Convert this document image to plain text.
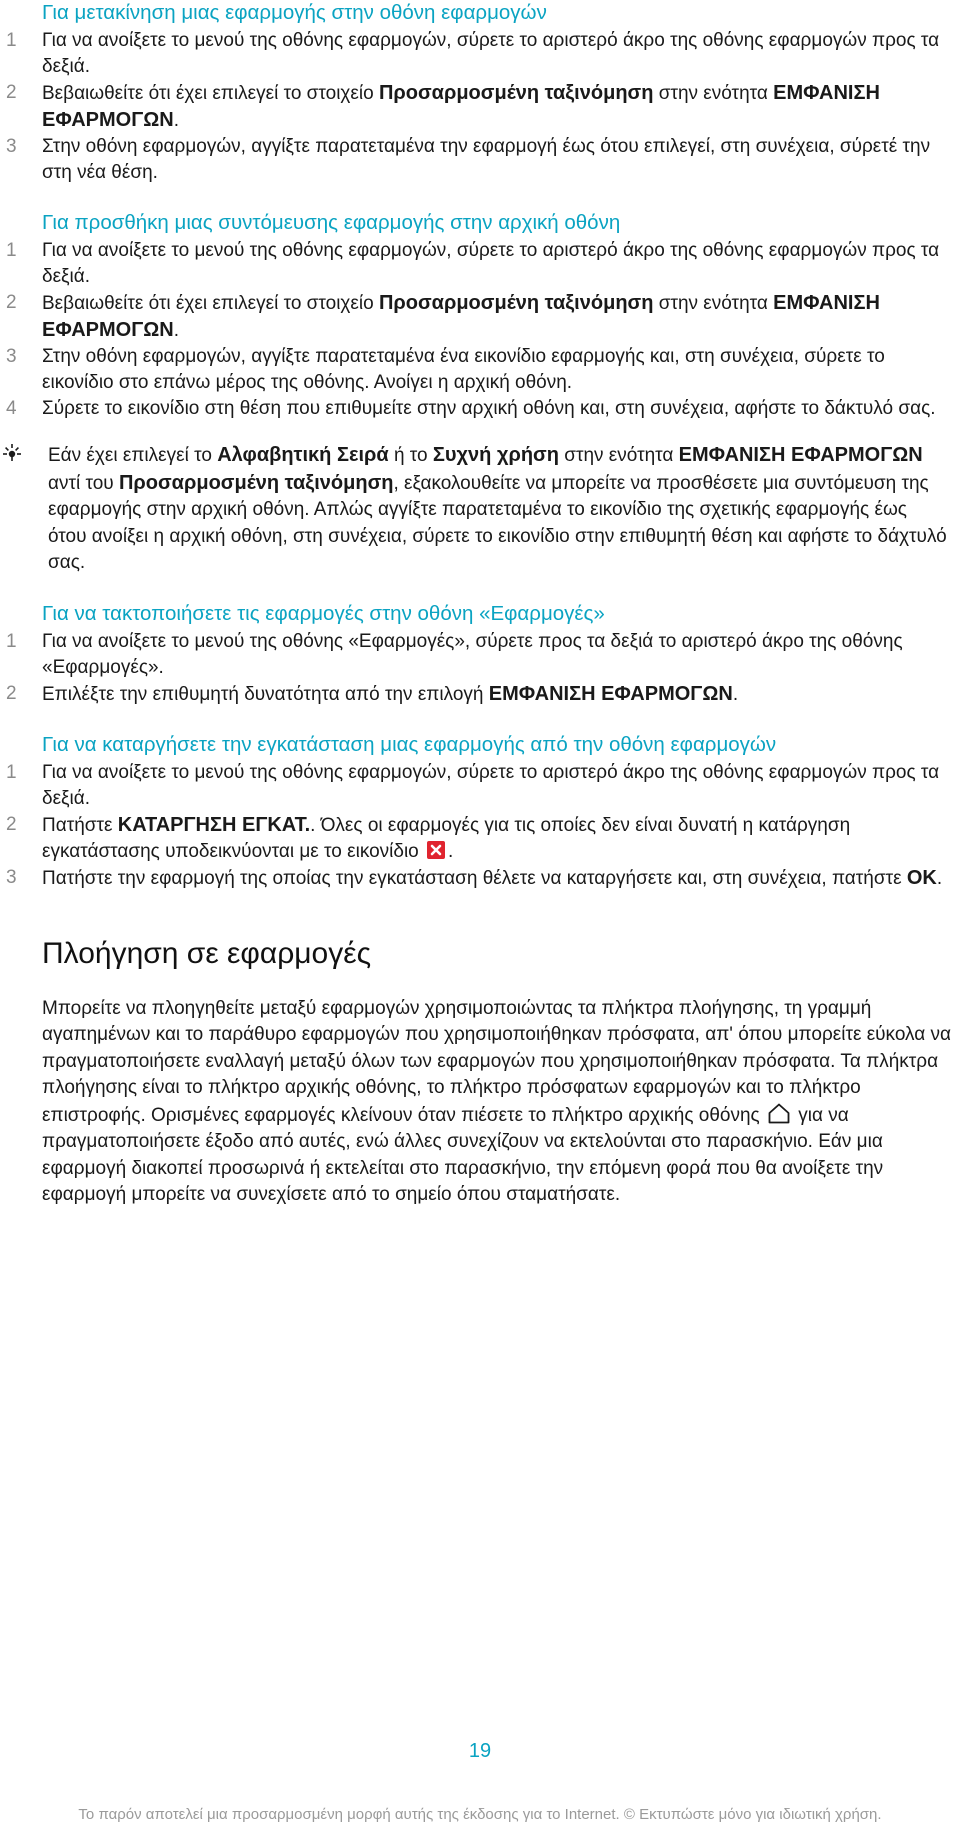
Για μετακίνηση μιας εφαρμογής στην οθόνη εφαρμογών
1 Για να ανοίξετε το μενού της οθόνης εφαρμογών, σύρετε το αριστερό άκρο της οθόνης εφαρμογών προς τα δεξιά.
2 Βεβαιωθείτε ότι έχει επιλεγεί το στοιχείο Προσαρμοσμένη ταξινόμηση στην ενότητα ΕΜΦΑΝΙΣΗ ΕΦΑΡΜΟΓΩΝ.
3 Στην οθόνη εφαρμογών, αγγίξτε παρατεταμένα την εφαρμογή έως ότου επιλεγεί, στη συνέχεια, σύρετέ την στη νέα θέση.
Για προσθήκη μιας συντόμευσης εφαρμογής στην αρχική οθόνη
1 Για να ανοίξετε το μενού της οθόνης εφαρμογών, σύρετε το αριστερό άκρο της οθόνης εφαρμογών προς τα δεξιά.
2 Βεβαιωθείτε ότι έχει επιλεγεί το στοιχείο Προσαρμοσμένη ταξινόμηση στην ενότητα ΕΜΦΑΝΙΣΗ ΕΦΑΡΜΟΓΩΝ.
3 Στην οθόνη εφαρμογών, αγγίξτε παρατεταμένα ένα εικονίδιο εφαρμογής και, στη συνέχεια, σύρετε το εικονίδιο στο επάνω μέρος της οθόνης. Ανοίγει η αρχική οθόνη.
4 Σύρετε το εικονίδιο στη θέση που επιθυμείτε στην αρχική οθόνη και, στη συνέχεια, αφήστε το δάκτυλό σας.
Εάν έχει επιλεγεί το Αλφαβητική Σειρά ή το Συχνή χρήση στην ενότητα ΕΜΦΑΝΙΣΗ ΕΦΑΡΜΟΓΩΝ αντί του Προσαρμοσμένη ταξινόμηση, εξακολουθείτε να μπορείτε να προσθέσετε μια συντόμευση της εφαρμογής στην αρχική οθόνη. Απλώς αγγίξτε παρατεταμένα το εικονίδιο της σχετικής εφαρμογής έως ότου ανοίξει η αρχική οθόνη, στη συνέχεια, σύρετε το εικονίδιο στην επιθυμητή θέση και αφήστε το δάχτυλό σας.
Για να τακτοποιήσετε τις εφαρμογές στην οθόνη «Εφαρμογές»
1 Για να ανοίξετε το μενού της οθόνης «Εφαρμογές», σύρετε προς τα δεξιά το αριστερό άκρο της οθόνης «Εφαρμογές».
2 Επιλέξτε την επιθυμητή δυνατότητα από την επιλογή ΕΜΦΑΝΙΣΗ ΕΦΑΡΜΟΓΩΝ.
Για να καταργήσετε την εγκατάσταση μιας εφαρμογής από την οθόνη εφαρμογών
1 Για να ανοίξετε το μενού της οθόνης εφαρμογών, σύρετε το αριστερό άκρο της οθόνης εφαρμογών προς τα δεξιά.
2 Πατήστε ΚΑΤΑΡΓΗΣΗ ΕΓΚΑΤ.. Όλες οι εφαρμογές για τις οποίες δεν είναι δυνατή η κατάργηση εγκατάστασης υποδεικνύονται με το εικονίδιο
.
3 Πατήστε την εφαρμογή της οποίας την εγκατάσταση θέλετε να καταργήσετε και, στη συνέχεια, πατήστε OK.
Πλοήγηση σε εφαρμογές
Μπορείτε να πλοηγηθείτε μεταξύ εφαρμογών χρησιμοποιώντας τα πλήκτρα πλοήγησης, τη γραμμή αγαπημένων και το παράθυρο εφαρμογών που χρησιμοποιήθηκαν πρόσφατα, απ' όπου μπορείτε εύκολα να πραγματοποιήσετε εναλλαγή μεταξύ όλων των εφαρμογών που χρησιμοποιήθηκαν πρόσφατα. Τα πλήκτρα πλοήγησης είναι το πλήκτρο αρχικής οθόνης, το πλήκτρο πρόσφατων εφαρμογών και το πλήκτρο επιστροφής. Ορισμένες εφαρμογές κλείνουν όταν πιέσετε το πλήκτρο αρχικής οθόνης  για να πραγματοποιήσετε έξοδο από αυτές, ενώ άλλες συνεχίζουν να εκτελούνται στο παρασκήνιο. Εάν μια εφαρμογή διακοπεί προσωρινά ή εκτελείται στο παρασκήνιο, την επόμενη φορά που θα ανοίξετε την εφαρμογή μπορείτε να συνεχίσετε από το σημείο όπου σταματήσατε.
19
Το παρόν αποτελεί μια προσαρμοσμένη μορφή αυτής της έκδοσης για το Internet. © Εκτυπώστε μόνο για ιδιωτική χρήση.
